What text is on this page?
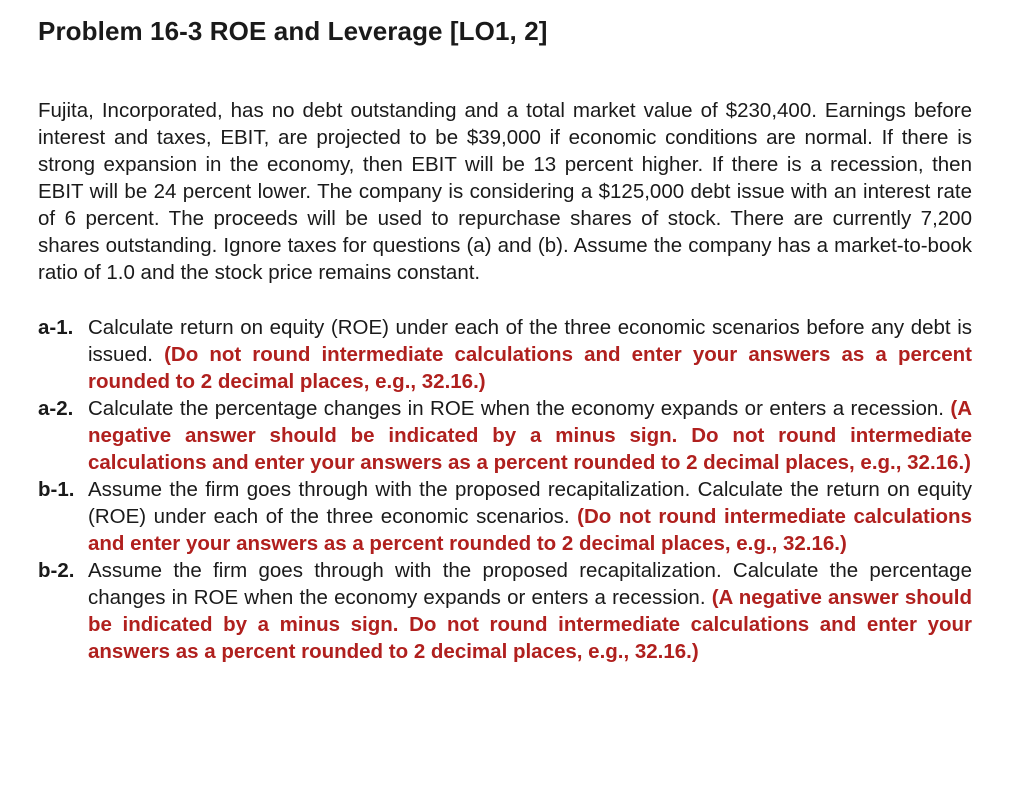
Problem 16-3 ROE and Leverage [LO1, 2]

Fujita, Incorporated, has no debt outstanding and a total market value of $230,400. Earnings before interest and taxes, EBIT, are projected to be $39,000 if economic conditions are normal. If there is strong expansion in the economy, then EBIT will be 13 percent higher. If there is a recession, then EBIT will be 24 percent lower. The company is considering a $125,000 debt issue with an interest rate of 6 percent. The proceeds will be used to repurchase shares of stock. There are currently 7,200 shares outstanding. Ignore taxes for questions (a) and (b). Assume the company has a market-to-book ratio of 1.0 and the stock price remains constant.

a-1. Calculate return on equity (ROE) under each of the three economic scenarios before any debt is issued. (Do not round intermediate calculations and enter your answers as a percent rounded to 2 decimal places, e.g., 32.16.)
a-2. Calculate the percentage changes in ROE when the economy expands or enters a recession. (A negative answer should be indicated by a minus sign. Do not round intermediate calculations and enter your answers as a percent rounded to 2 decimal places, e.g., 32.16.)
b-1. Assume the firm goes through with the proposed recapitalization. Calculate the return on equity (ROE) under each of the three economic scenarios. (Do not round intermediate calculations and enter your answers as a percent rounded to 2 decimal places, e.g., 32.16.)
b-2. Assume the firm goes through with the proposed recapitalization. Calculate the percentage changes in ROE when the economy expands or enters a recession. (A negative answer should be indicated by a minus sign. Do not round intermediate calculations and enter your answers as a percent rounded to 2 decimal places, e.g., 32.16.)
